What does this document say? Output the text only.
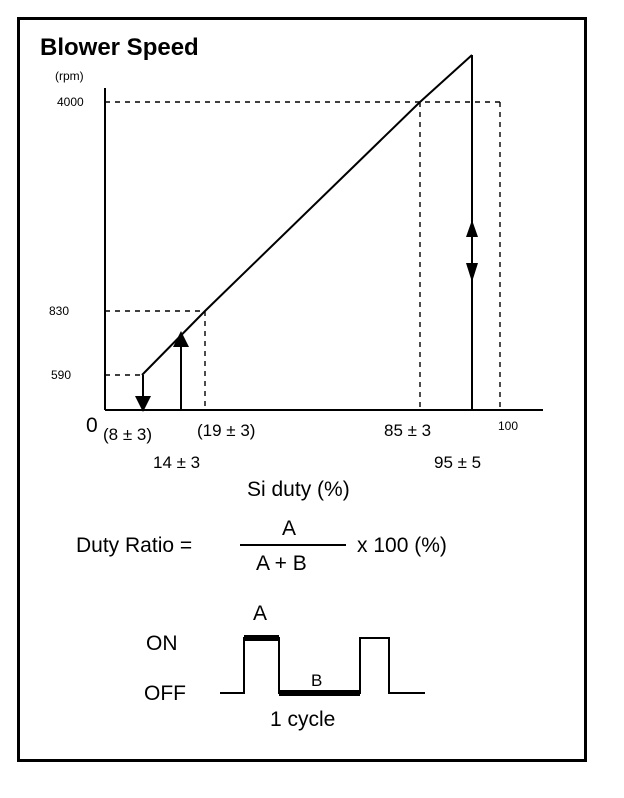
Blower Speed
(rpm)
0	100
Si duty (%)
590
830
4000
(8 ± 3)
14 ± 3
(19 ± 3)	85 ± 3
95 ± 5
Duty Ratio =
A
A + B
x 100 (%)
ON
OFF
A
B
1 cycle
